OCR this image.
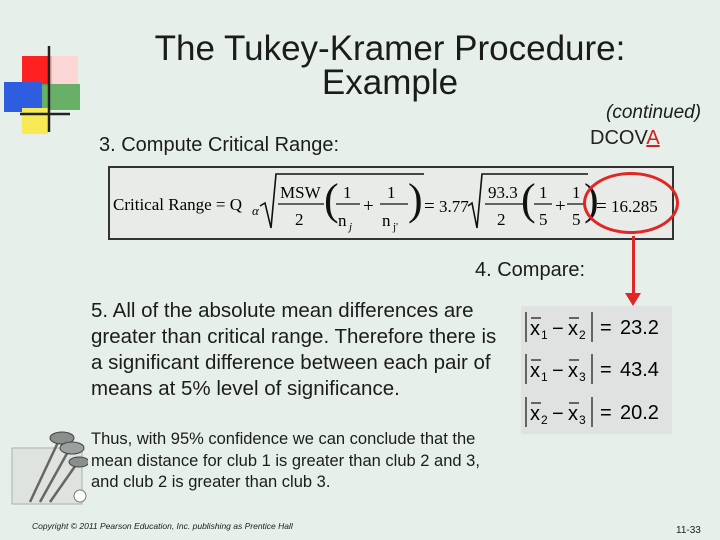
The Tukey-Kramer Procedure:
Example
(continued)
DCOVA
3. Compute Critical Range:
Critical Range = Q α
MSW
2 ( 1
n j
+
1
n j'
) = 3.77
93.3
2 ( 1
5
+
1
5 )
= 16.285
4. Compare:
5. All of the absolute mean differences are greater than critical range. Therefore there is a significant difference between each pair of means at 5% level of significance.
x 1 − x 2 = 23.2
x 1 − x 3 = 43.4
x 2 − x 3 = 20.2
Thus, with 95% confidence we can conclude that the mean distance for club 1 is greater than club 2 and 3, and club 2 is greater than club 3.
Copyright © 2011 Pearson Education, Inc. publishing as Prentice Hall	11-33
